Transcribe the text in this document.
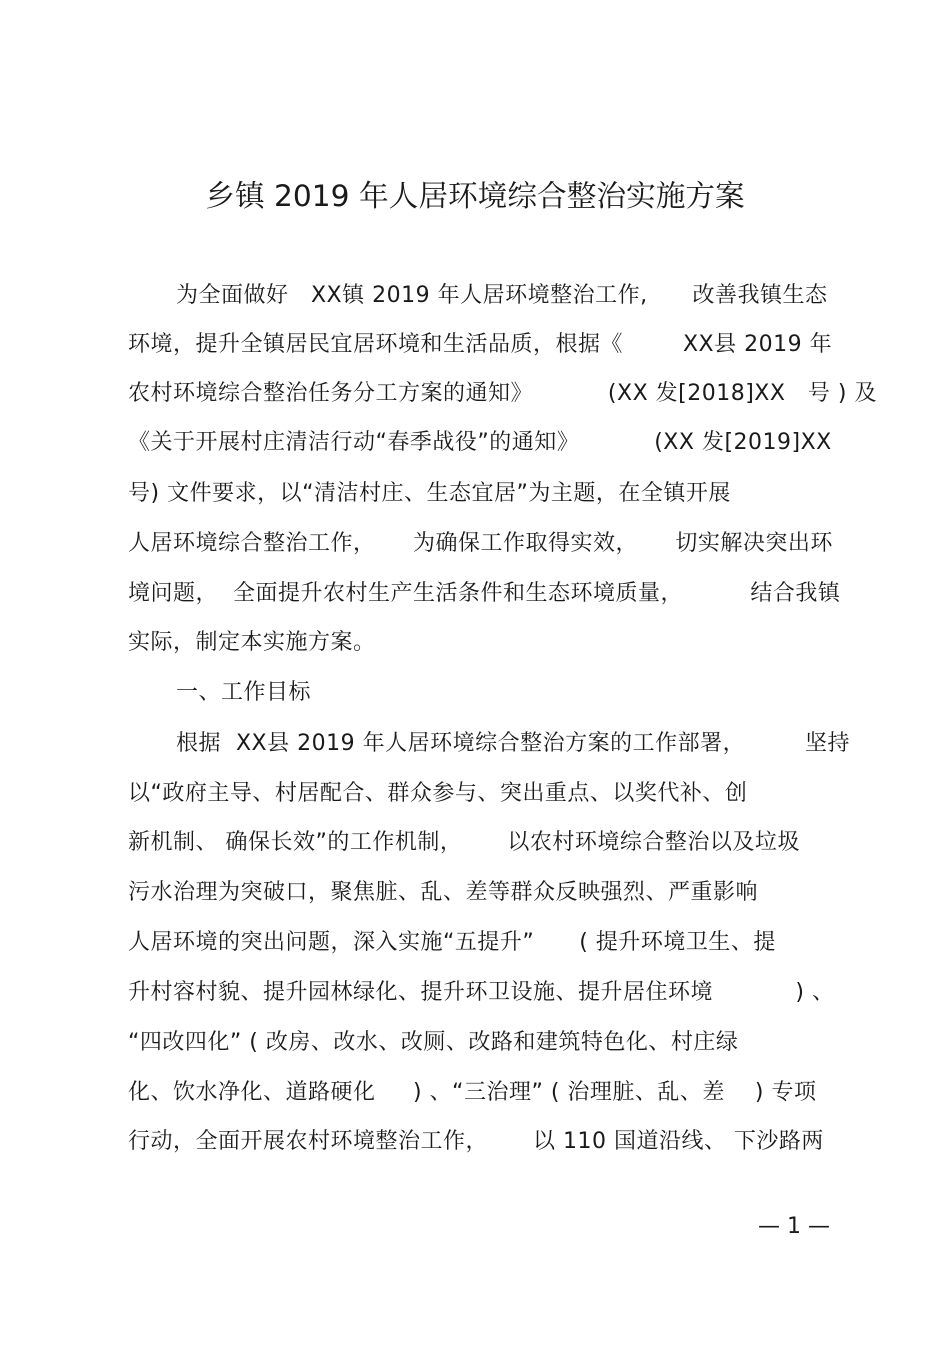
乡镇 2019 年人居环境综合整治实施方案
为全面做好   XX镇 2019 年人居环境整治工作,      改善我镇生态
环境，提升全镇居民宜居环境和生活品质，根据《        XX县 2019 年
农村环境综合整治任务分工方案的通知》          (XX 发[2018]XX   号 ) 及
《关于开展村庄清洁行动“春季战役”的通知》          (XX 发[2019]XX
号) 文件要求，以“清洁村庄、生态宜居”为主题，在全镇开展
人居环境综合整治工作，     为确保工作取得实效，     切实解决突出环
境问题，  全面提升农村生产生活条件和生态环境质量，         结合我镇
实际，制定本实施方案。
一、工作目标
根据  XX县 2019 年人居环境综合整治方案的工作部署，        坚持
以“政府主导、村居配合、群众参与、突出重点、以奖代补、创
新机制、 确保长效”的工作机制，      以农村环境综合整治以及垃圾
污水治理为突破口，聚焦脏、乱、差等群众反映强烈、严重影响
人居环境的突出问题，深入实施“五提升”      ( 提升环境卫生、提
升村容村貌、提升园林绿化、提升环卫设施、提升居住环境           ) 、
“四改四化” ( 改房、改水、改厕、改路和建筑特色化、村庄绿
化、饮水净化、道路硬化     ) 、“三治理” ( 治理脏、乱、差    ) 专项
行动，全面开展农村环境整治工作，      以 110 国道沿线、 下沙路两
— 1 —
